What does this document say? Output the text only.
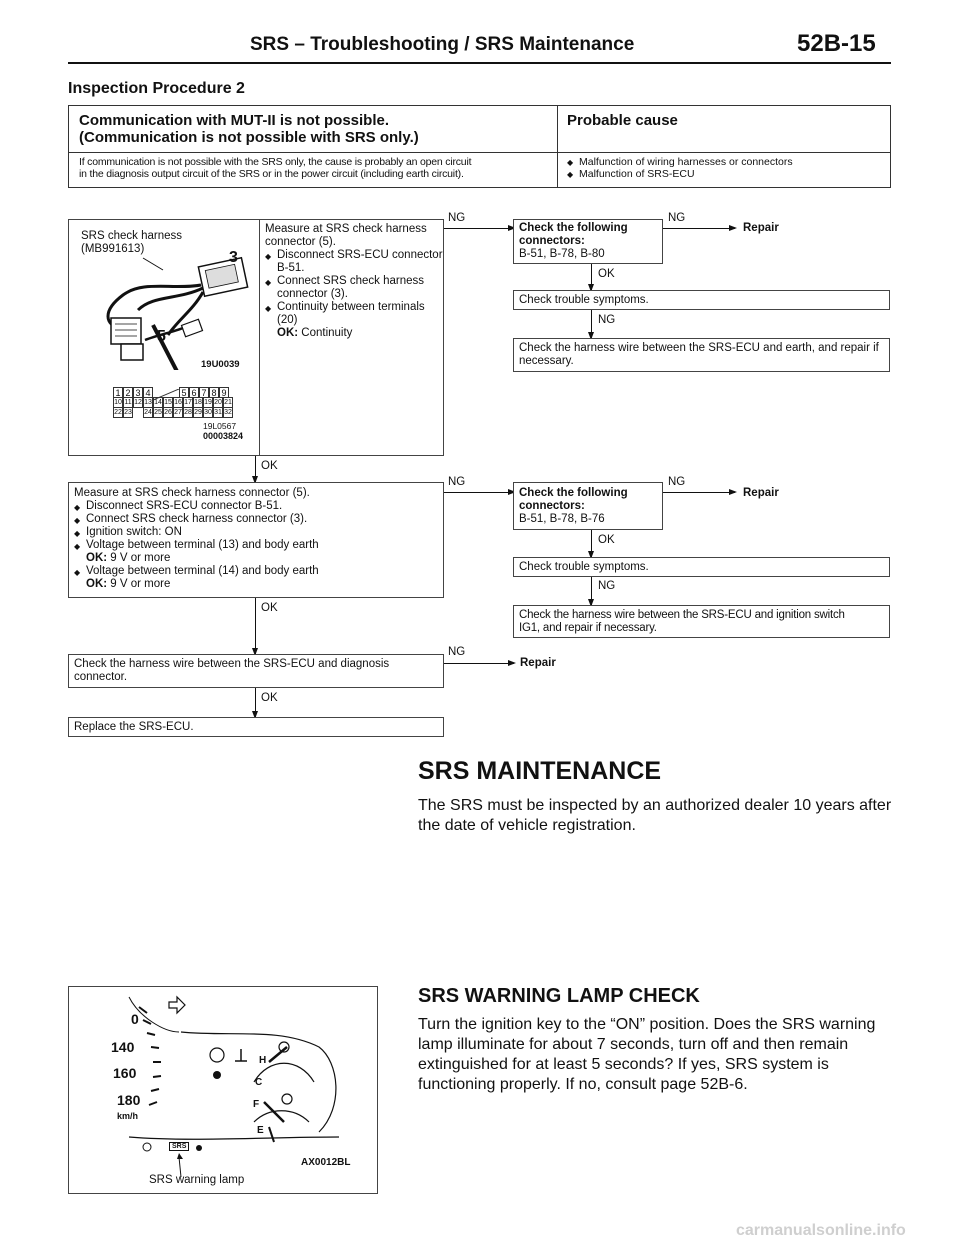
SRS – Troubleshooting / SRS Maintenance	52B-15
Inspection Procedure 2
Communication with MUT-II is not possible.
(Communication is not possible with SRS only.)
Probable cause
If communication is not possible with the SRS only, the cause is probably an open circuit
in the diagnosis output circuit of the SRS or in the power circuit (including earth circuit).
◆ Malfunction of wiring harnesses or connectors
◆ Malfunction of SRS-ECU
SRS check harness
(MB991613)	3
5
19U0039
1 2 3 4	5 6 7 8 9
10 11 12 13 14 15 16 17 18 19 20 21
22 23 24 25 26 27 28 29 30 31 32
19L0567
00003824
Measure at SRS check harness connector (5).
◆ Disconnect SRS-ECU connector B-51.
◆ Connect SRS check harness connector (3).
◆ Continuity between terminals (20)
OK: Continuity
NG
Check the following connectors:
B-51, B-78, B-80
NG
Repair
OK
Check trouble symptoms.
NG
Check the harness wire between the SRS-ECU and earth, and repair if necessary.
OK
Measure at SRS check harness connector (5).
◆ Disconnect SRS-ECU connector B-51.
◆ Connect SRS check harness connector (3).
◆ Ignition switch: ON
◆ Voltage between terminal (13) and body earth
OK: 9 V or more
◆ Voltage between terminal (14) and body earth
OK: 9 V or more
NG
Check the following connectors:
B-51, B-78, B-76
NG
Repair
OK
Check trouble symptoms.
NG
Check the harness wire between the SRS-ECU and ignition switch
IG1, and repair if necessary.
OK
Check the harness wire between the SRS-ECU and diagnosis connector.
NG
Repair
OK
Replace the SRS-ECU.
SRS MAINTENANCE
The SRS must be inspected by an authorized dealer 10 years after the date of vehicle registration.
SRS WARNING LAMP CHECK
Turn the ignition key to the “ON” position. Does the SRS warning lamp illuminate for about 7 seconds, turn off and then remain extinguished for at least 5 seconds? If yes, SRS system is functioning properly. If no, consult page 52B-6.
0
140
160
180
km/h
SRS
H
C
F
E
AX0012BL
SRS warning lamp
carmanualsonline.info
